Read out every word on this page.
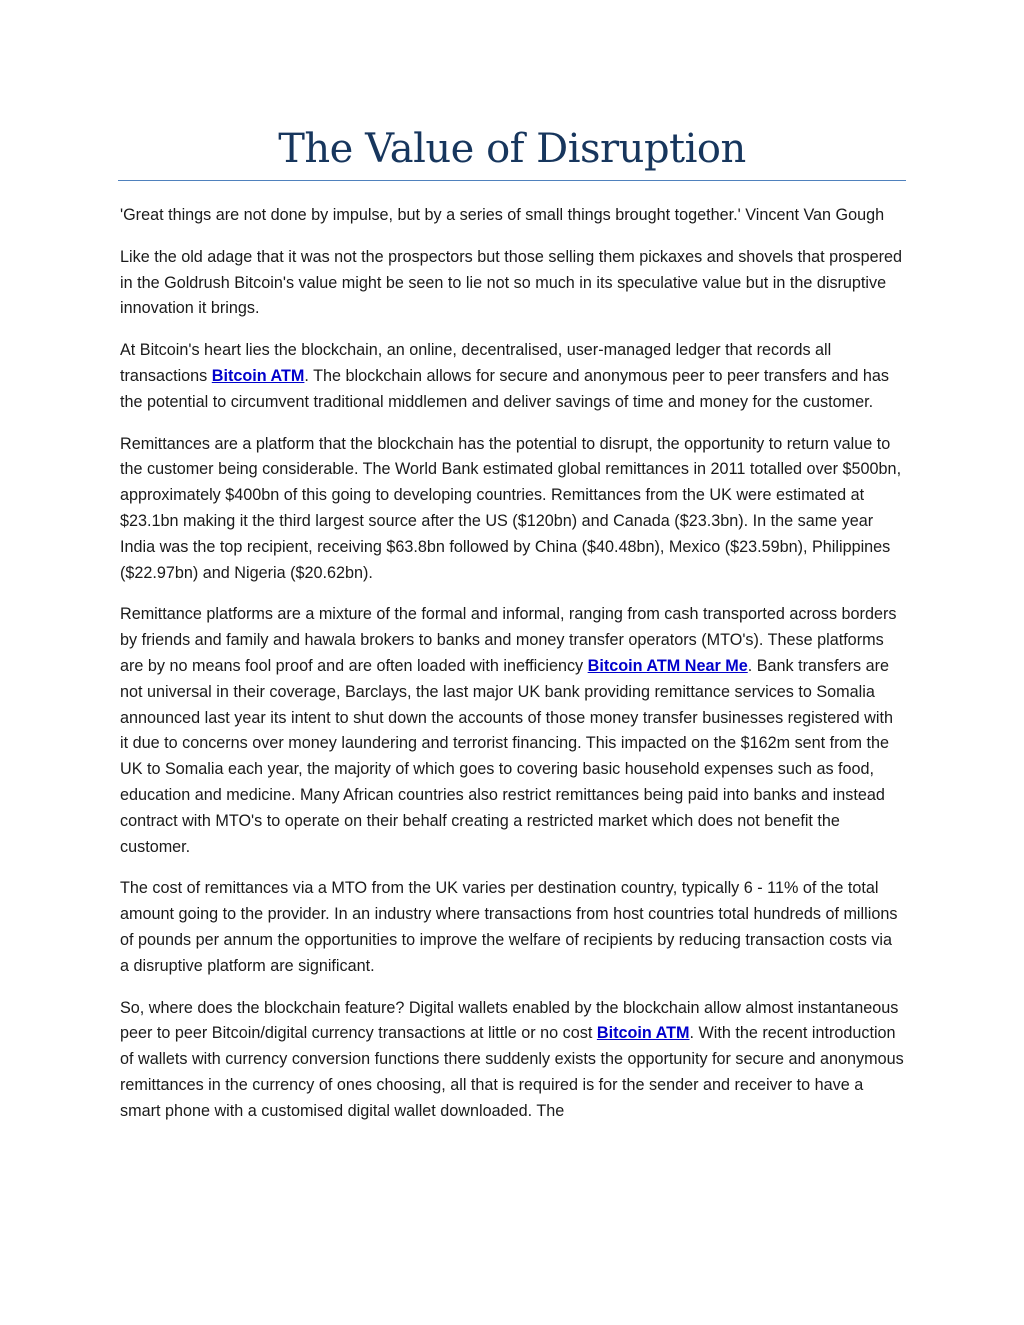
The Value of Disruption

'Great things are not done by impulse, but by a series of small things brought together.' Vincent Van Gough

Like the old adage that it was not the prospectors but those selling them pickaxes and shovels that prospered in the Goldrush Bitcoin's value might be seen to lie not so much in its speculative value but in the disruptive innovation it brings.

At Bitcoin's heart lies the blockchain, an online, decentralised, user-managed ledger that records all transactions Bitcoin ATM. The blockchain allows for secure and anonymous peer to peer transfers and has the potential to circumvent traditional middlemen and deliver savings of time and money for the customer.

Remittances are a platform that the blockchain has the potential to disrupt, the opportunity to return value to the customer being considerable. The World Bank estimated global remittances in 2011 totalled over $500bn, approximately $400bn of this going to developing countries. Remittances from the UK were estimated at $23.1bn making it the third largest source after the US ($120bn) and Canada ($23.3bn). In the same year India was the top recipient, receiving $63.8bn followed by China ($40.48bn), Mexico ($23.59bn), Philippines ($22.97bn) and Nigeria ($20.62bn).

Remittance platforms are a mixture of the formal and informal, ranging from cash transported across borders by friends and family and hawala brokers to banks and money transfer operators (MTO's). These platforms are by no means fool proof and are often loaded with inefficiency Bitcoin ATM Near Me. Bank transfers are not universal in their coverage, Barclays, the last major UK bank providing remittance services to Somalia announced last year its intent to shut down the accounts of those money transfer businesses registered with it due to concerns over money laundering and terrorist financing. This impacted on the $162m sent from the UK to Somalia each year, the majority of which goes to covering basic household expenses such as food, education and medicine. Many African countries also restrict remittances being paid into banks and instead contract with MTO's to operate on their behalf creating a restricted market which does not benefit the customer.

The cost of remittances via a MTO from the UK varies per destination country, typically 6 - 11% of the total amount going to the provider. In an industry where transactions from host countries total hundreds of millions of pounds per annum the opportunities to improve the welfare of recipients by reducing transaction costs via a disruptive platform are significant.

So, where does the blockchain feature? Digital wallets enabled by the blockchain allow almost instantaneous peer to peer Bitcoin/digital currency transactions at little or no cost Bitcoin ATM. With the recent introduction of wallets with currency conversion functions there suddenly exists the opportunity for secure and anonymous remittances in the currency of ones choosing, all that is required is for the sender and receiver to have a smart phone with a customised digital wallet downloaded. The
